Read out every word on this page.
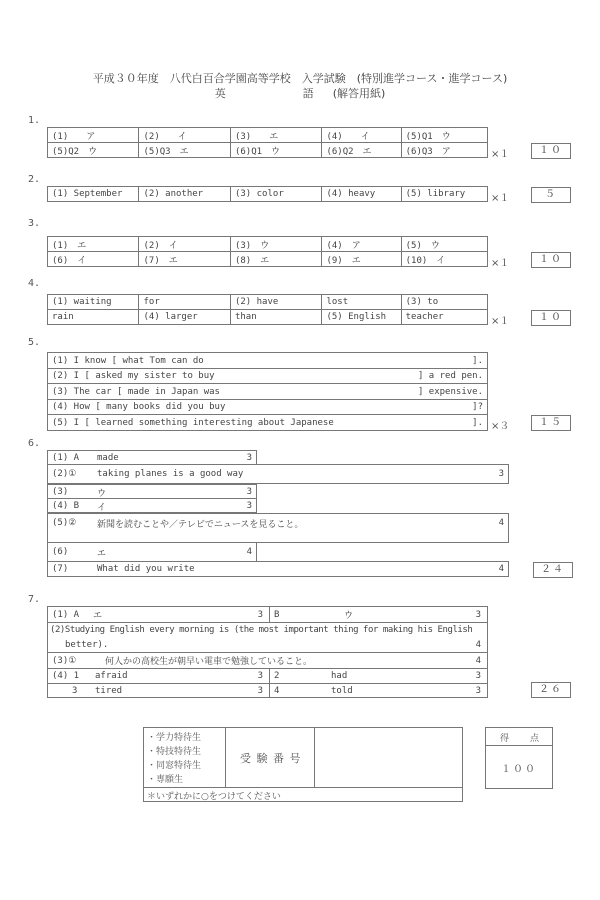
平成３０年度　八代白百合学園高等学校　入学試験　(特別進学コース・進学コース)
英	語 (解答用紙)
1.
(1)　　ア	(2)　　イ	(3)　　エ	(4)　　イ	(5)Q1　ウ
(5)Q2　ウ	(5)Q3　エ	(6)Q1　ウ	(6)Q2　エ	(6)Q3　ア	×１	１０
2.
(1) September	(2) another	(3) color	(4) heavy	(5) library	×１	５
3.
(1)　エ	(2)　イ	(3)　ウ	(4)　ア	(5)　ウ
(6)　イ	(7)　エ	(8)　エ	(9)　エ	(10)　イ	×１	１０
4.
(1) waiting	for	(2) have	lost	(3) to
rain	(4) larger	than	(5) English	teacher	×１	１０
5.
(1) I know [ what Tom can do	].
(2) I [ asked my sister to buy	] a red pen.
(3) The car [ made in Japan was	] expensive.
(4) How [ many books did you buy	]?
(5) I [ learned something interesting about Japanese	]. ×３	１５
6.
(1) A made	3
(2)① taking planes is a good way	3
(3)	ウ	3
(4) B イ	3
(5)② 新聞を読むことや／テレビでニュースを見ること。	4
(6)	エ	4
(7)	What did you write	4	２４
7.
(1) A	エ	3 B	ウ	3
(2)Studying English every morning is (the most important thing for making his English
better).	4
(3)①	何人かの高校生が朝早い電車で勉強していること。	4
(4) 1	afraid	3 2	had	3
3	tired	3 4	told	3	２６
・学力特待生
・特技特待生
・同窓特待生
・専願生
受 験 番 号
＊いずれかに○をつけてください
得 点
１００
